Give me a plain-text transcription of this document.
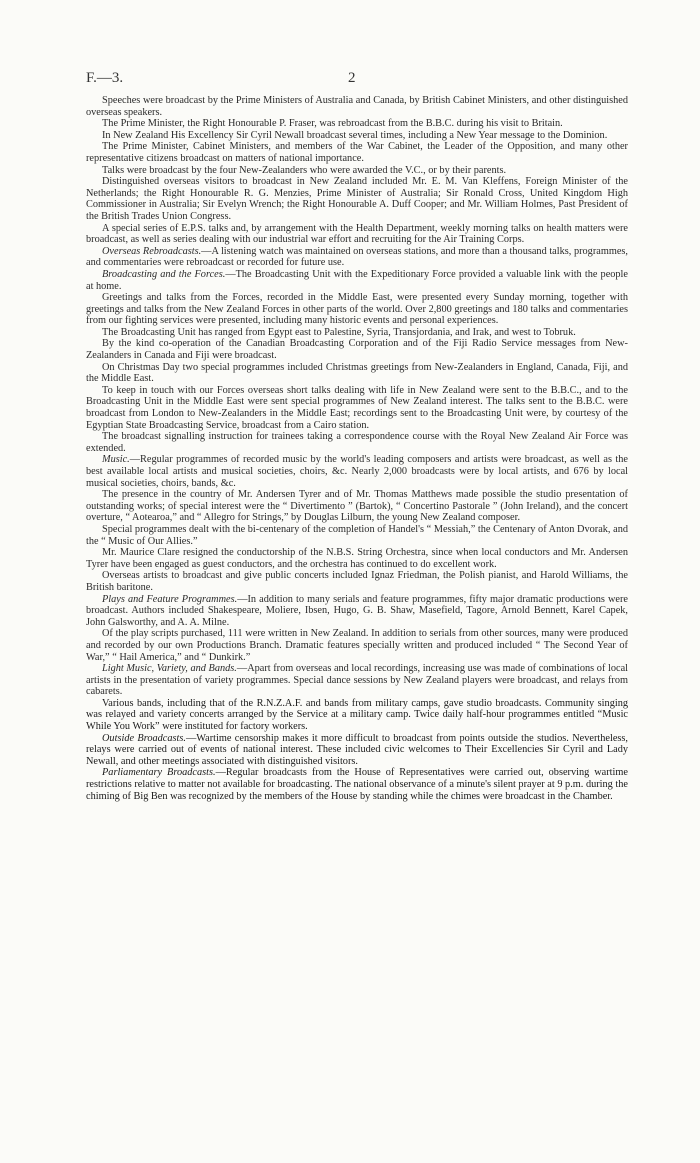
F.—3.	2

Speeches were broadcast by the Prime Ministers of Australia and Canada, by British Cabinet Ministers, and other distinguished overseas speakers.

The Prime Minister, the Right Honourable P. Fraser, was rebroadcast from the B.B.C. during his visit to Britain.

In New Zealand His Excellency Sir Cyril Newall broadcast several times, including a New Year message to the Dominion.

The Prime Minister, Cabinet Ministers, and members of the War Cabinet, the Leader of the Opposition, and many other representative citizens broadcast on matters of national importance.

Talks were broadcast by the four New-Zealanders who were awarded the V.C., or by their parents.

Distinguished overseas visitors to broadcast in New Zealand included Mr. E. M. Van Kleffens, Foreign Minister of the Netherlands; the Right Honourable R. G. Menzies, Prime Minister of Australia; Sir Ronald Cross, United Kingdom High Commissioner in Australia; Sir Evelyn Wrench; the Right Honourable A. Duff Cooper; and Mr. William Holmes, Past President of the British Trades Union Congress.

A special series of E.P.S. talks and, by arrangement with the Health Department, weekly morning talks on health matters were broadcast, as well as series dealing with our industrial war effort and recruiting for the Air Training Corps.

Overseas Rebroadcasts.—A listening watch was maintained on overseas stations, and more than a thousand talks, programmes, and commentaries were rebroadcast or recorded for future use.

Broadcasting and the Forces.—The Broadcasting Unit with the Expeditionary Force provided a valuable link with the people at home.

Greetings and talks from the Forces, recorded in the Middle East, were presented every Sunday morning, together with greetings and talks from the New Zealand Forces in other parts of the world. Over 2,800 greetings and 180 talks and commentaries from our fighting services were presented, including many historic events and personal experiences.

The Broadcasting Unit has ranged from Egypt east to Palestine, Syria, Transjordania, and Irak, and west to Tobruk.

By the kind co-operation of the Canadian Broadcasting Corporation and of the Fiji Radio Service messages from New-Zealanders in Canada and Fiji were broadcast.

On Christmas Day two special programmes included Christmas greetings from New-Zealanders in England, Canada, Fiji, and the Middle East.

To keep in touch with our Forces overseas short talks dealing with life in New Zealand were sent to the B.B.C., and to the Broadcasting Unit in the Middle East were sent special programmes of New Zealand interest. The talks sent to the B.B.C. were broadcast from London to New-Zealanders in the Middle East; recordings sent to the Broadcasting Unit were, by courtesy of the Egyptian State Broadcasting Service, broadcast from a Cairo station.

The broadcast signalling instruction for trainees taking a correspondence course with the Royal New Zealand Air Force was extended.

Music.—Regular programmes of recorded music by the world's leading composers and artists were broadcast, as well as the best available local artists and musical societies, choirs, &c. Nearly 2,000 broadcasts were by local artists, and 676 by local musical societies, choirs, bands, &c.

The presence in the country of Mr. Andersen Tyrer and of Mr. Thomas Matthews made possible the studio presentation of outstanding works; of special interest were the “ Divertimento ” (Bartok), “ Concertino Pastorale ” (John Ireland), and the concert overture, “ Aotearoa,” and “ Allegro for Strings,” by Douglas Lilburn, the young New Zealand composer.

Special programmes dealt with the bi-centenary of the completion of Handel's “ Messiah,” the Centenary of Anton Dvorak, and the “ Music of Our Allies.”

Mr. Maurice Clare resigned the conductorship of the N.B.S. String Orchestra, since when local conductors and Mr. Andersen Tyrer have been engaged as guest conductors, and the orchestra has continued to do excellent work.

Overseas artists to broadcast and give public concerts included Ignaz Friedman, the Polish pianist, and Harold Williams, the British baritone.

Plays and Feature Programmes.—In addition to many serials and feature programmes, fifty major dramatic productions were broadcast. Authors included Shakespeare, Moliere, Ibsen, Hugo, G. B. Shaw, Masefield, Tagore, Arnold Bennett, Karel Capek, John Galsworthy, and A. A. Milne.

Of the play scripts purchased, 111 were written in New Zealand. In addition to serials from other sources, many were produced and recorded by our own Productions Branch. Dramatic features specially written and produced included “ The Second Year of War,” “ Hail America,” and “ Dunkirk.”

Light Music, Variety, and Bands.—Apart from overseas and local recordings, increasing use was made of combinations of local artists in the presentation of variety programmes. Special dance sessions by New Zealand players were broadcast, and relays from cabarets.

Various bands, including that of the R.N.Z.A.F. and bands from military camps, gave studio broadcasts. Community singing was relayed and variety concerts arranged by the Service at a military camp. Twice daily half-hour programmes entitled “Music While You Work” were instituted for factory workers.

Outside Broadcasts.—Wartime censorship makes it more difficult to broadcast from points outside the studios. Nevertheless, relays were carried out of events of national interest. These included civic welcomes to Their Excellencies Sir Cyril and Lady Newall, and other meetings associated with distinguished visitors.

Parliamentary Broadcasts.—Regular broadcasts from the House of Representatives were carried out, observing wartime restrictions relative to matter not available for broadcasting. The national observance of a minute's silent prayer at 9 p.m. during the chiming of Big Ben was recognized by the members of the House by standing while the chimes were broadcast in the Chamber.
